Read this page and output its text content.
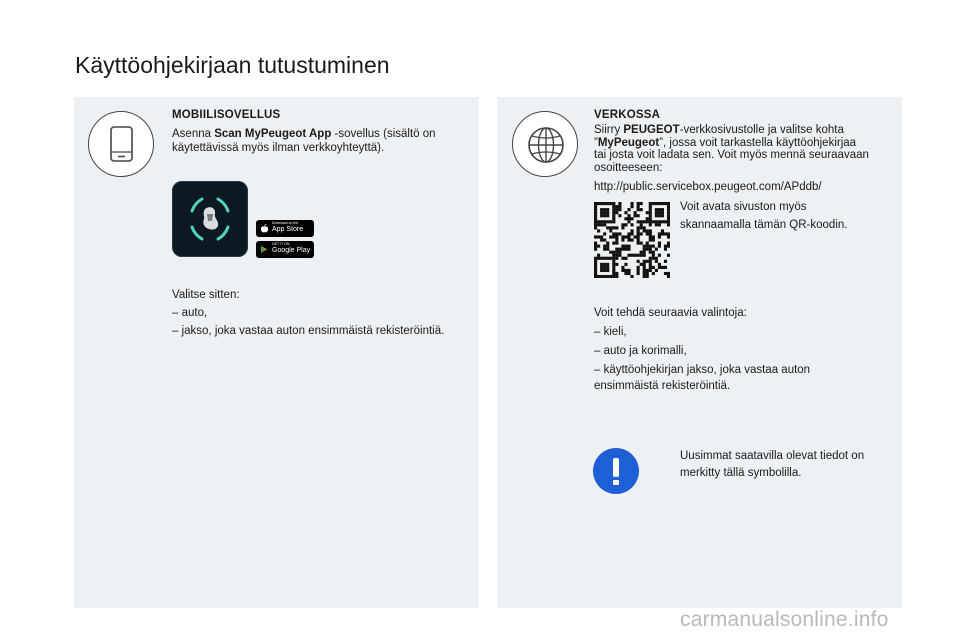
Käyttöohjekirjaan tutustuminen
MOBIILISOVELLUS
Asenna Scan MyPeugeot App -sovellus (sisältö on
käytettävissä myös ilman verkkoyhteyttä).
Download on the
App Store
GET IT ON
Google Play
Valitse sitten:
– auto,
– jakso, joka vastaa auton ensimmäistä rekisteröintiä.
VERKOSSA
Siirry PEUGEOT-verkkosivustolle ja valitse kohta
”MyPeugeot”, jossa voit tarkastella käyttöohjekirjaa
tai josta voit ladata sen. Voit myös mennä seuraavaan
osoitteeseen:
http://public.servicebox.peugeot.com/APddb/
Voit avata sivuston myös
skannaamalla tämän QR-koodin.
Voit tehdä seuraavia valintoja:
– kieli,
– auto ja korimalli,
– käyttöohjekirjan jakso, joka vastaa auton
ensimmäistä rekisteröintiä.
Uusimmat saatavilla olevat tiedot on
merkitty tällä symbolilla.
carmanualsonline.info
